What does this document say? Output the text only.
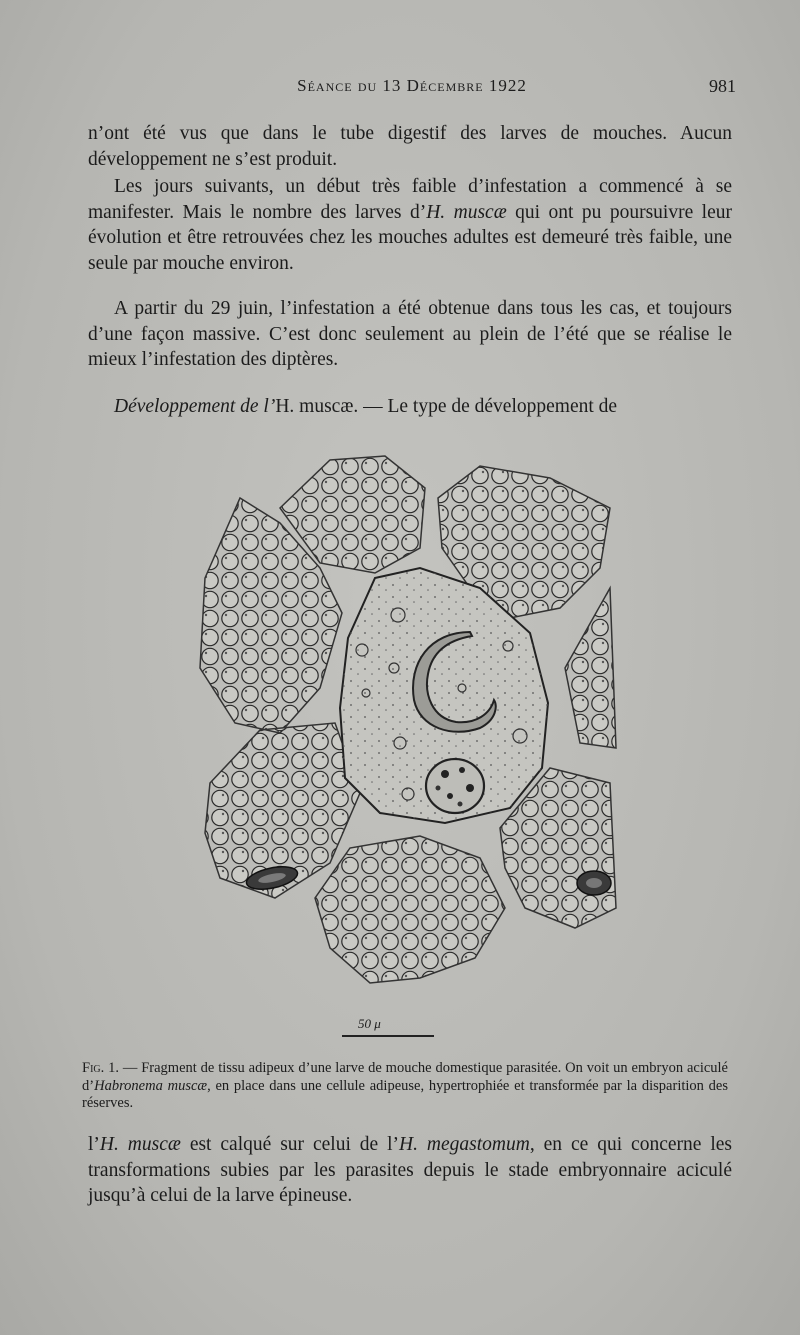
Séance du 13 Décembre 1922	981

n’ont été vus que dans le tube digestif des larves de mouches. Aucun développement ne s’est produit.

Les jours suivants, un début très faible d’infestation a commencé à se manifester. Mais le nombre des larves d’H. muscæ qui ont pu poursuivre leur évolution et être retrouvées chez les mouches adultes est demeuré très faible, une seule par mouche environ.

A partir du 29 juin, l’infestation a été obtenue dans tous les cas, et toujours d’une façon massive. C’est donc seulement au plein de l’été que se réalise le mieux l’infestation des diptères.

Développement de l’H. muscæ. — Le type de développement de

50 μ
Fig. 1. — Fragment de tissu adipeux d’une larve de mouche domestique parasitée. On voit un embryon aciculé d’Habronema muscæ, en place dans une cellule adipeuse, hypertrophiée et transformée par la disparition des réserves.

l’H. muscæ est calqué sur celui de l’H. megastomum, en ce qui concerne les transformations subies par les parasites depuis le stade embryonnaire aciculé jusqu’à celui de la larve épineuse.
